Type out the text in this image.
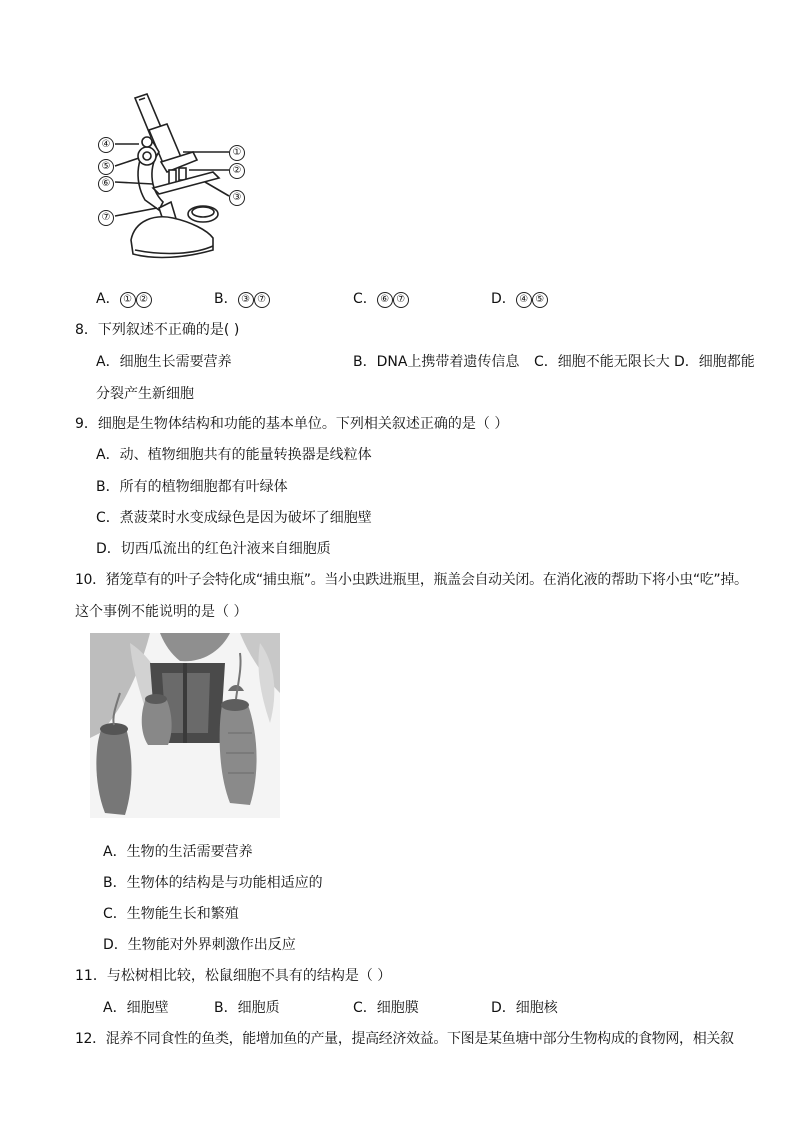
①
②
③
④
⑤
⑥
⑦
A． ① ②	B． ③ ⑦	C． ⑥ ⑦	D． ④ ⑤
8．下列叙述不正确的是( )
A．细胞生长需要营养	B．DNA上携带着遗传信息 C．细胞不能无限长大 D．细胞都能
分裂产生新细胞
9．细胞是生物体结构和功能的基本单位。下列相关叙述正确的是（ ）
A．动、植物细胞共有的能量转换器是线粒体
B．所有的植物细胞都有叶绿体
C．煮菠菜时水变成绿色是因为破坏了细胞壁
D．切西瓜流出的红色汁液来自细胞质
10．猪笼草有的叶子会特化成“捕虫瓶”。当小虫跌进瓶里，瓶盖会自动关闭。在消化液的帮助下将小虫“吃”掉。
这个事例不能说明的是（ ）
A．生物的生活需要营养
B．生物体的结构是与功能相适应的
C．生物能生长和繁殖
D．生物能对外界刺激作出反应
11．与松树相比较，松鼠细胞不具有的结构是（ ）
A．细胞壁	B．细胞质	C．细胞膜	D．细胞核
12．混养不同食性的鱼类，能增加鱼的产量，提高经济效益。下图是某鱼塘中部分生物构成的食物网，相关叙
